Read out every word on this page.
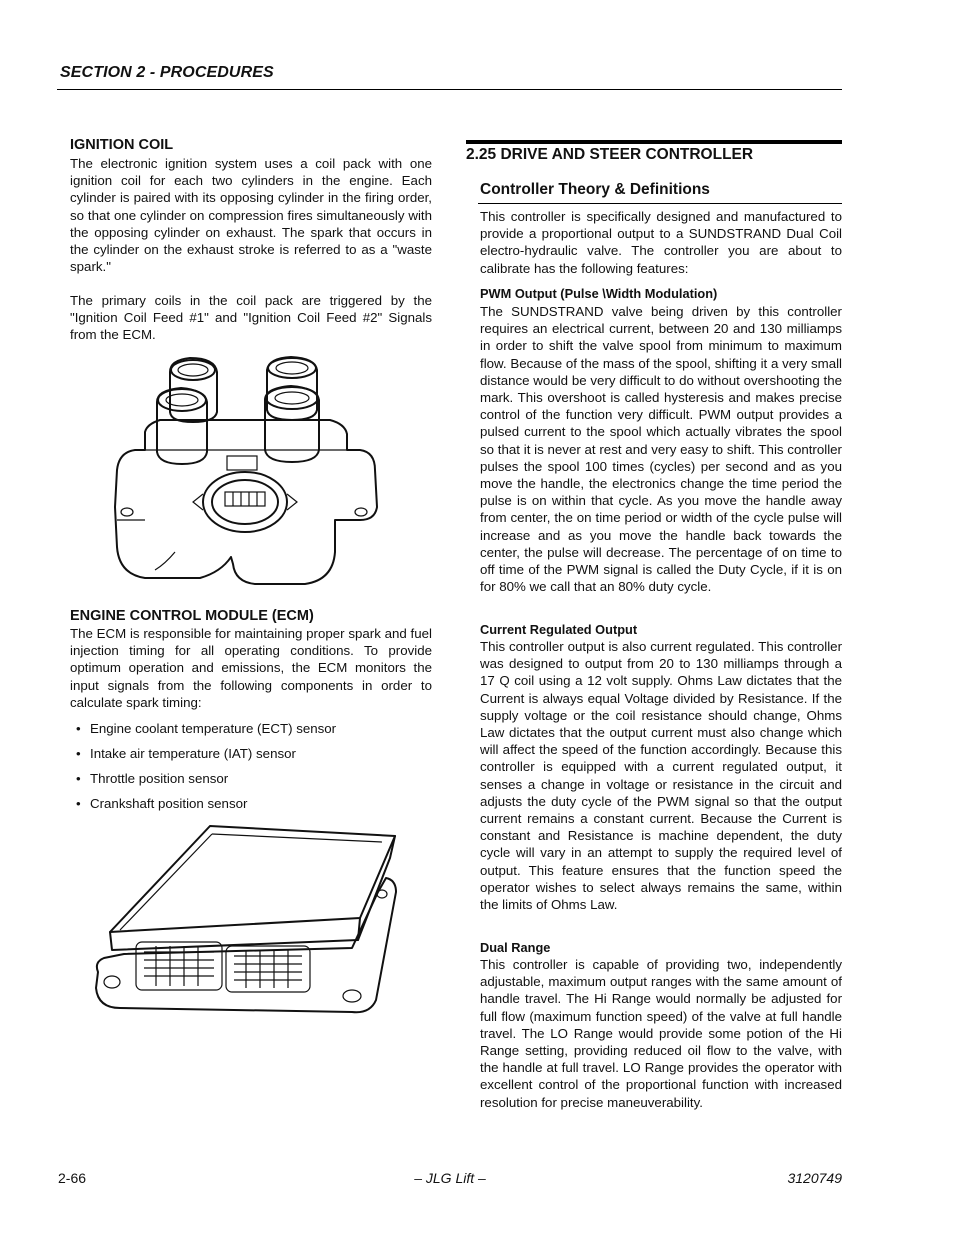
SECTION 2 - PROCEDURES
IGNITION COIL

The electronic ignition system uses a coil pack with one ignition coil for each two cylinders in the engine. Each cylinder is paired with its opposing cylinder in the firing order, so that one cylinder on compression fires simultaneously with the opposing cylinder on exhaust. The spark that occurs in the cylinder on the exhaust stroke is referred to as a "waste spark."

The primary coils in the coil pack are triggered by the "Ignition Coil Feed #1" and "Ignition Coil Feed #2" Signals from the ECM.

ENGINE CONTROL MODULE (ECM)

The ECM is responsible for maintaining proper spark and fuel injection timing for all operating conditions. To provide optimum operation and emissions, the ECM monitors the input signals from the following components in order to calculate spark timing:

• Engine coolant temperature (ECT) sensor
• Intake air temperature (IAT) sensor
• Throttle position sensor
• Crankshaft position sensor
2.25 DRIVE AND STEER CONTROLLER
Controller Theory & Definitions

This controller is specifically designed and manufactured to provide a proportional output to a SUNDSTRAND Dual Coil electro-hydraulic valve. The controller you are about to calibrate has the following features:

PWM Output (Pulse \Width Modulation)

The SUNDSTRAND valve being driven by this controller requires an electrical current, between 20 and 130 milliamps in order to shift the valve spool from minimum to maximum flow. Because of the mass of the spool, shifting it a very small distance would be very difficult to do without overshooting the mark. This overshoot is called hysteresis and makes precise control of the function very difficult. PWM output provides a pulsed current to the spool which actually vibrates the spool so that it is never at rest and very easy to shift. This controller pulses the spool 100 times (cycles) per second and as you move the handle, the electronics change the time period the pulse is on within that cycle. As you move the handle away from center, the on time period or width of the cycle pulse will increase and as you move the handle back towards the center, the pulse will decrease. The percentage of on time to off time of the PWM signal is called the Duty Cycle, if it is on for 80% we call that an 80% duty cycle.

Current Regulated Output

This controller output is also current regulated. This controller was designed to output from 20 to 130 milliamps through a 17 Q coil using a 12 volt supply. Ohms Law dictates that the Current is always equal Voltage divided by Resistance. If the supply voltage or the coil resistance should change, Ohms Law dictates that the output current must also change which will affect the speed of the function accordingly. Because this controller is equipped with a current regulated output, it senses a change in voltage or resistance in the circuit and adjusts the duty cycle of the PWM signal so that the output current remains a constant current. Because the Current is constant and Resistance is machine dependent, the duty cycle will vary in an attempt to supply the required level of output. This feature ensures that the function speed the operator wishes to select always remains the same, within the limits of Ohms Law.

Dual Range

This controller is capable of providing two, independently adjustable, maximum output ranges with the same amount of handle travel. The Hi Range would normally be adjusted for full flow (maximum function speed) of the valve at full handle travel. The LO Range would provide some potion of the Hi Range setting, providing reduced oil flow to the valve, with the handle at full travel. LO Range provides the operator with excellent control of the proportional function with increased resolution for precise maneuverability.

2-66	– JLG Lift –	3120749
